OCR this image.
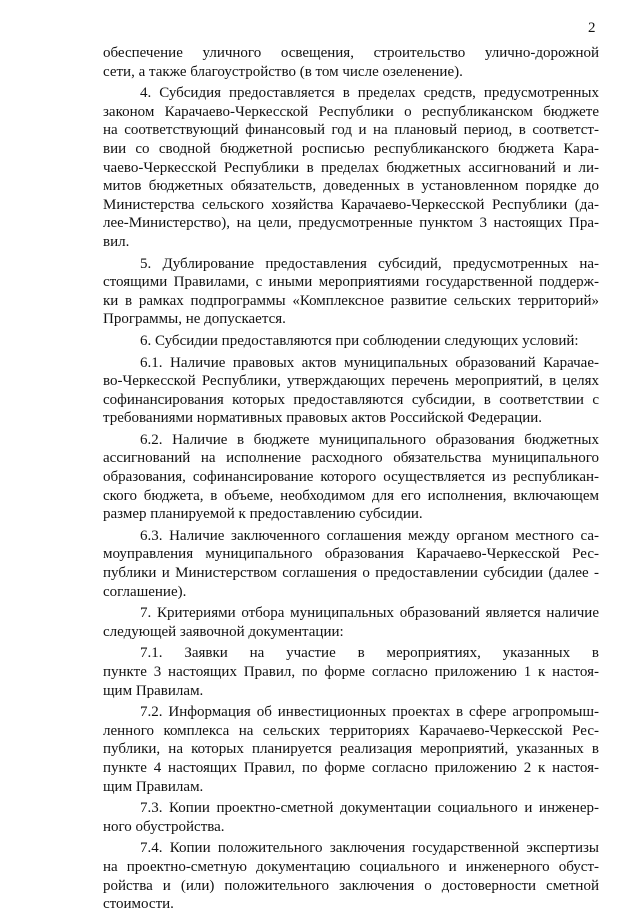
2
обеспечение уличного освещения, строительство улично-дорожной
сети, а также благоустройство (в том числе озеленение).
4. Субсидия предоставляется в пределах средств, предусмотренных
законом Карачаево-Черкесской Республики о республиканском бюджете
на соответствующий финансовый год и на плановый период, в соответст-
вии со сводной бюджетной росписью республиканского бюджета Кара-
чаево-Черкесской Республики в пределах бюджетных ассигнований и ли-
митов бюджетных обязательств, доведенных в установленном порядке до
Министерства сельского хозяйства Карачаево-Черкесской Республики (да-
лее-Министерство), на цели, предусмотренные пунктом 3 настоящих Пра-
вил.
5. Дублирование предоставления субсидий, предусмотренных на-
стоящими Правилами, с иными мероприятиями государственной поддерж-
ки в рамках подпрограммы «Комплексное развитие сельских территорий»
Программы, не допускается.
6. Субсидии предоставляются при соблюдении следующих условий:
6.1. Наличие правовых актов муниципальных образований Карачае-
во-Черкесской Республики, утверждающих перечень мероприятий, в целях
софинансирования которых предоставляются субсидии, в соответствии с
требованиями нормативных правовых актов Российской Федерации.
6.2. Наличие в бюджете муниципального образования бюджетных
ассигнований на исполнение расходного обязательства муниципального
образования, софинансирование которого осуществляется из республикан-
ского бюджета, в объеме, необходимом для его исполнения, включающем
размер планируемой к предоставлению субсидии.
6.3. Наличие заключенного соглашения между органом местного са-
моуправления муниципального образования Карачаево-Черкесской Рес-
публики и Министерством соглашения о предоставлении субсидии (далее -
соглашение).
7. Критериями отбора муниципальных образований является наличие
следующей заявочной документации:
7.1. Заявки на участие в мероприятиях, указанных в
пункте 3 настоящих Правил, по форме согласно приложению 1 к настоя-
щим Правилам.
7.2. Информация об инвестиционных проектах в сфере агропромыш-
ленного комплекса на сельских территориях Карачаево-Черкесской Рес-
публики, на которых планируется реализация мероприятий, указанных в
пункте 4 настоящих Правил, по форме согласно приложению 2 к настоя-
щим Правилам.
7.3. Копии проектно-сметной документации социального и инженер-
ного обустройства.
7.4. Копии положительного заключения государственной экспертизы
на проектно-сметную документацию социального и инженерного обуст-
ройства и (или) положительного заключения о достоверности сметной
стоимости.
